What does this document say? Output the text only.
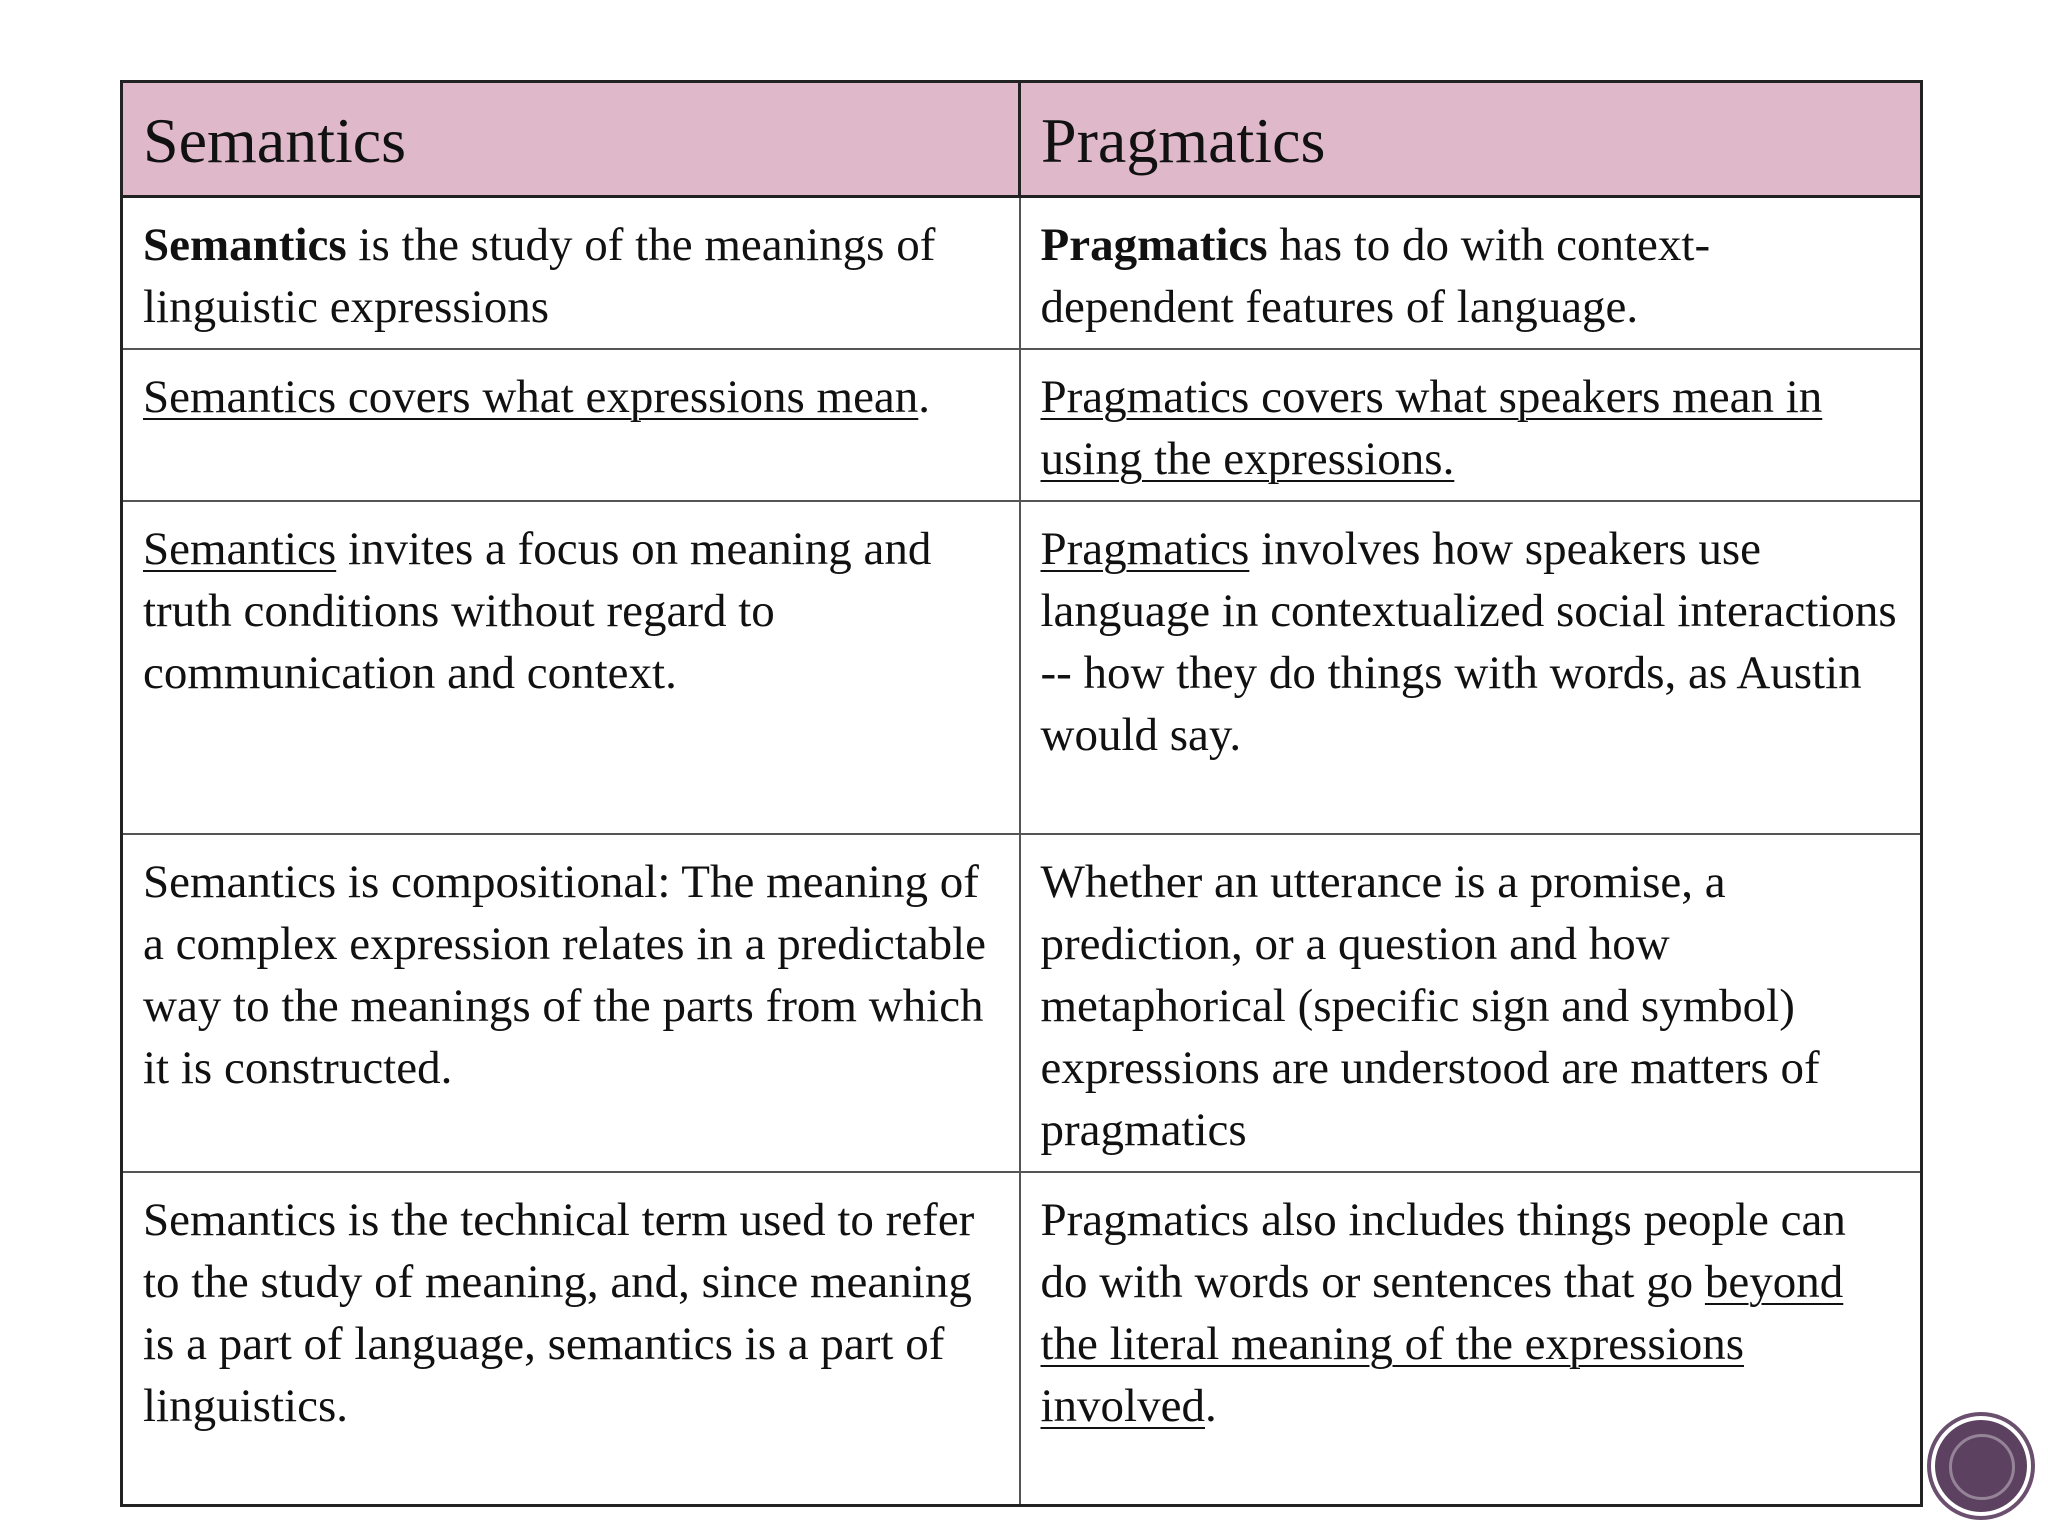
Semantics	Pragmatics
Semantics is the study of the meanings of linguistic expressions	Pragmatics has to do with context-dependent features of language.
Semantics covers what expressions mean.	Pragmatics covers what speakers mean in using the expressions.
Semantics invites a focus on meaning and truth conditions without regard to communication and context.	Pragmatics involves how speakers use language in contextualized social interactions -- how they do things with words, as Austin would say.
Semantics is compositional: The meaning of a complex expression relates in a predictable way to the meanings of the parts from which it is constructed.	Whether an utterance is a promise, a prediction, or a question and how metaphorical (specific sign and symbol) expressions are understood are matters of pragmatics
Semantics is the technical term used to refer to the study of meaning, and, since meaning is a part of language, semantics is a part of linguistics.	Pragmatics also includes things people can do with words or sentences that go beyond the literal meaning of the expressions involved.
